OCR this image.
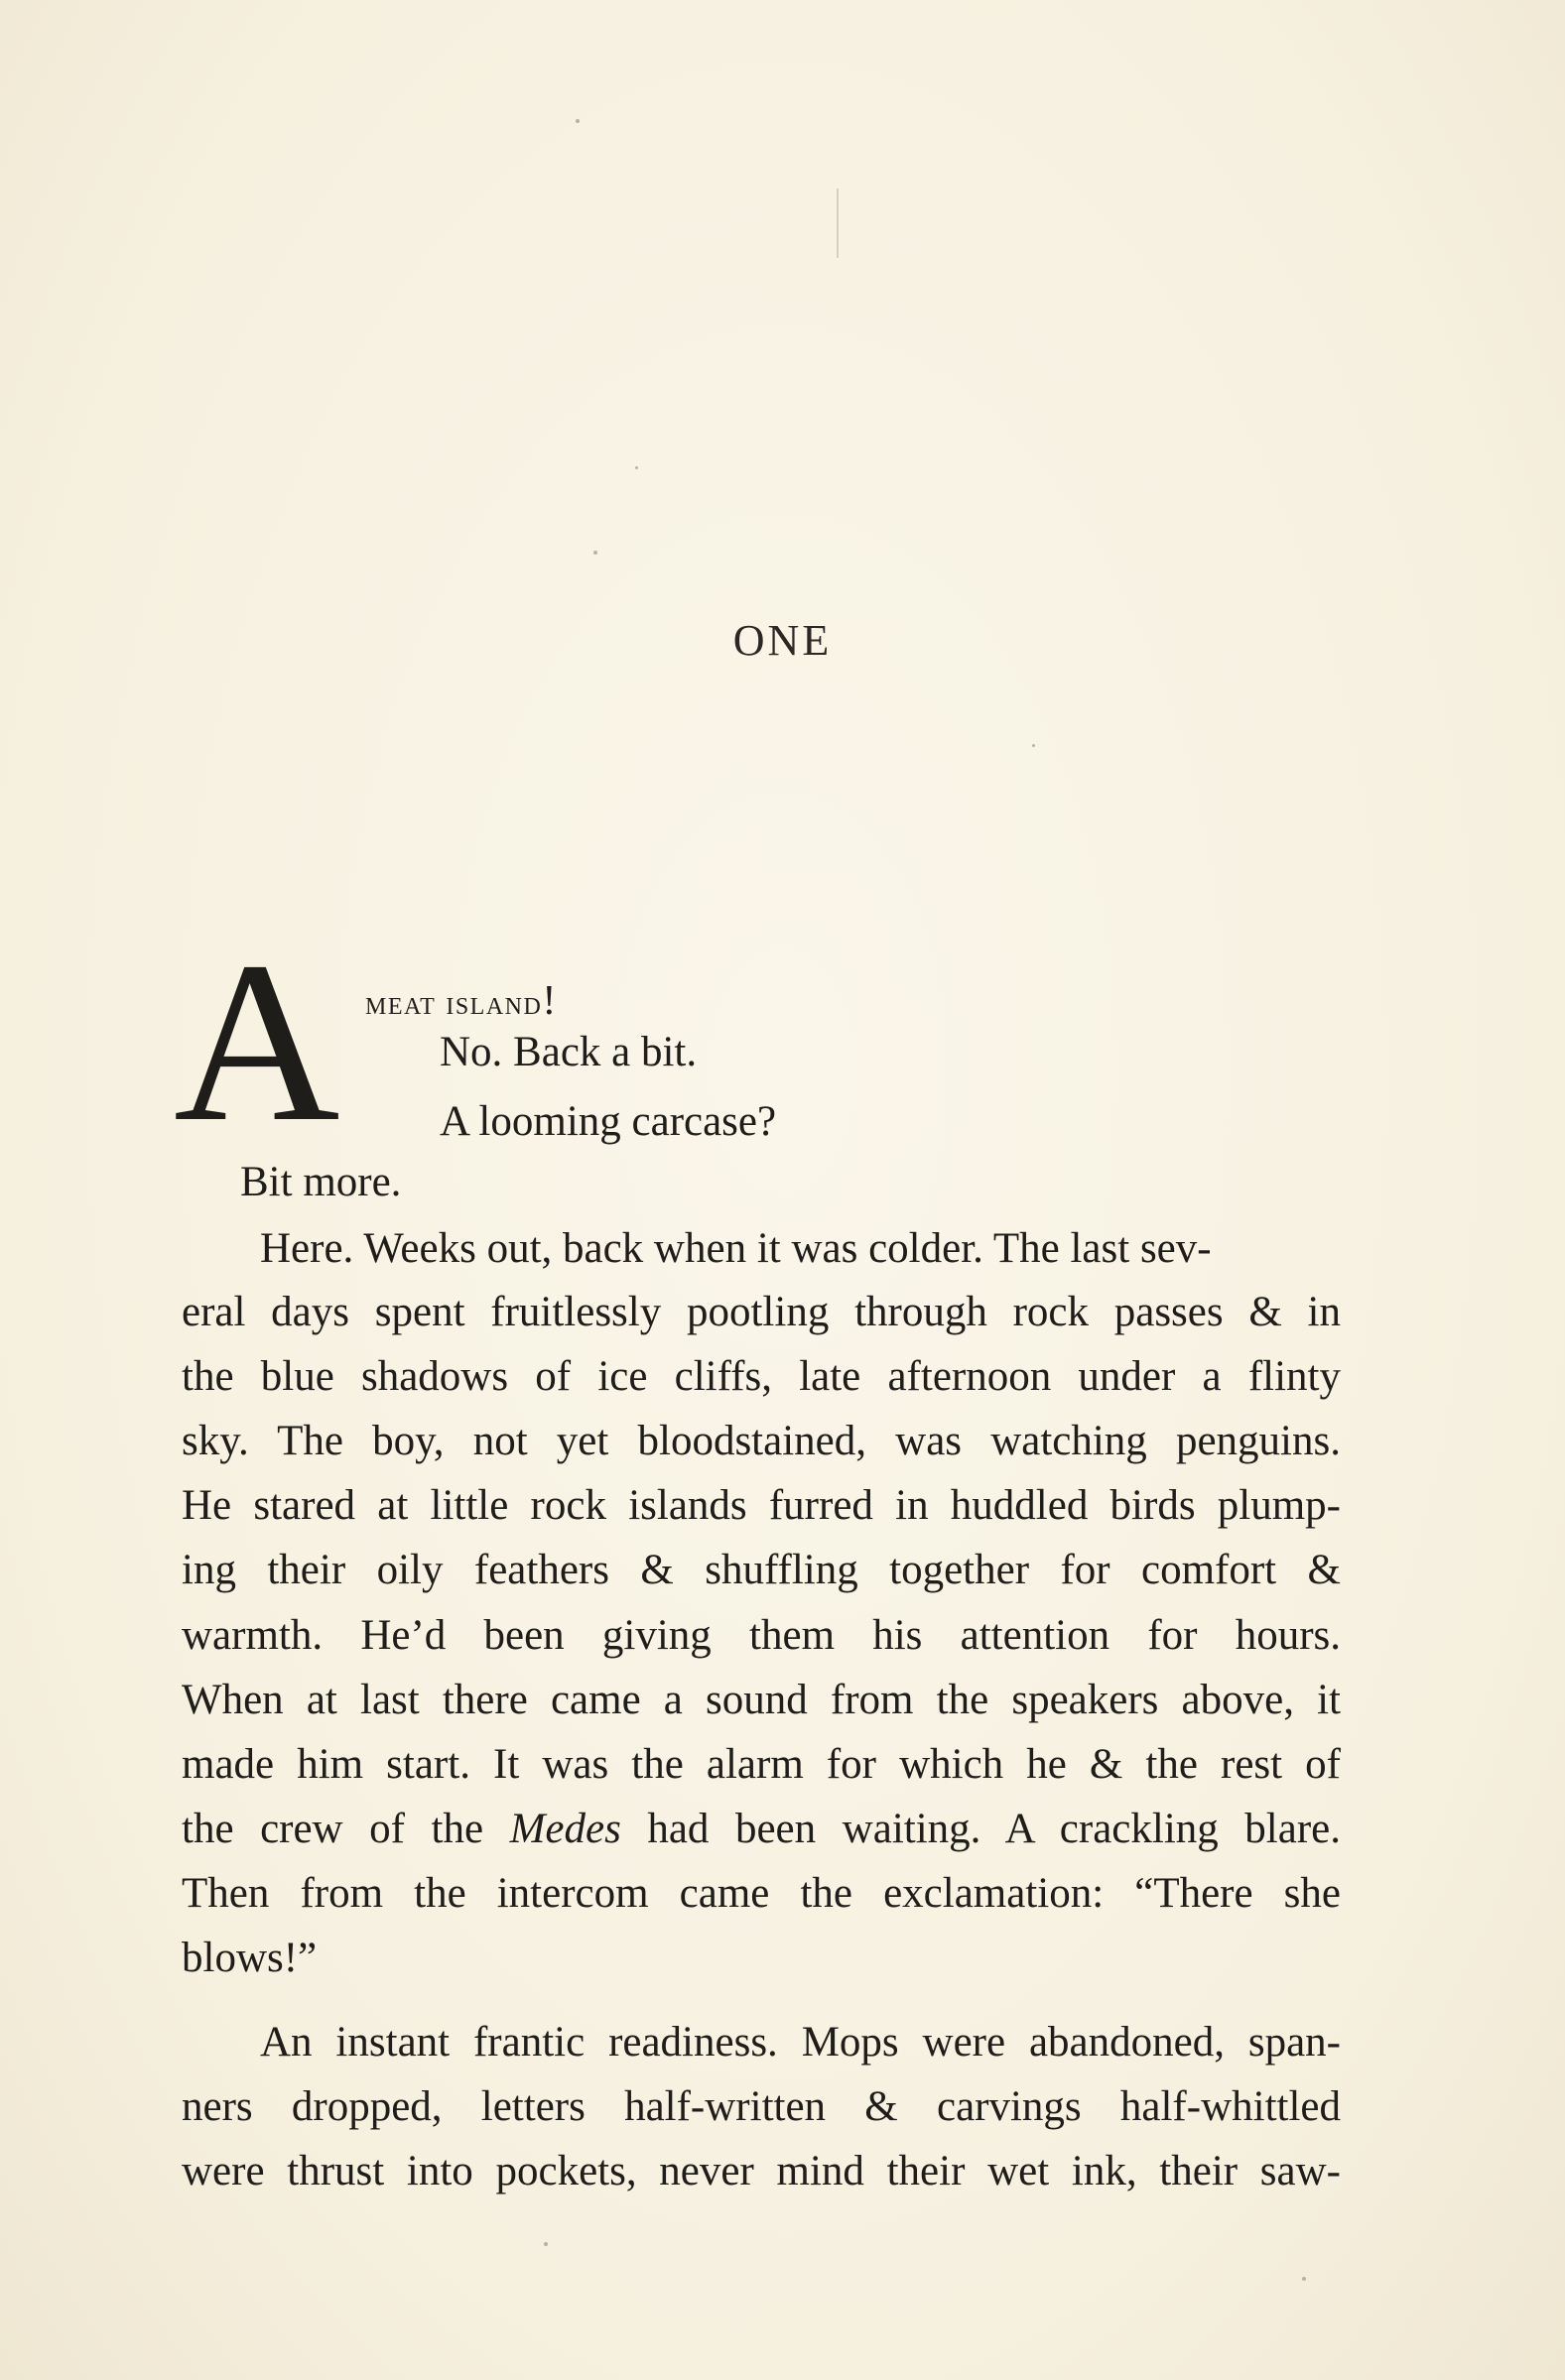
ONE
A meat island!
No. Back a bit.
A looming carcase?
Bit more.
Here. Weeks out, back when it was colder. The last sev-
eral days spent fruitlessly pootling through rock passes & in
the blue shadows of ice cliffs, late afternoon under a flinty
sky. The boy, not yet bloodstained, was watching penguins.
He stared at little rock islands furred in huddled birds plump-
ing their oily feathers & shuffling together for comfort &
warmth. He’d been giving them his attention for hours.
When at last there came a sound from the speakers above, it
made him start. It was the alarm for which he & the rest of
the crew of the Medes had been waiting. A crackling blare.
Then from the intercom came the exclamation: “There she
blows!”
An instant frantic readiness. Mops were abandoned, span-
ners dropped, letters half-written & carvings half-whittled
were thrust into pockets, never mind their wet ink, their saw-
